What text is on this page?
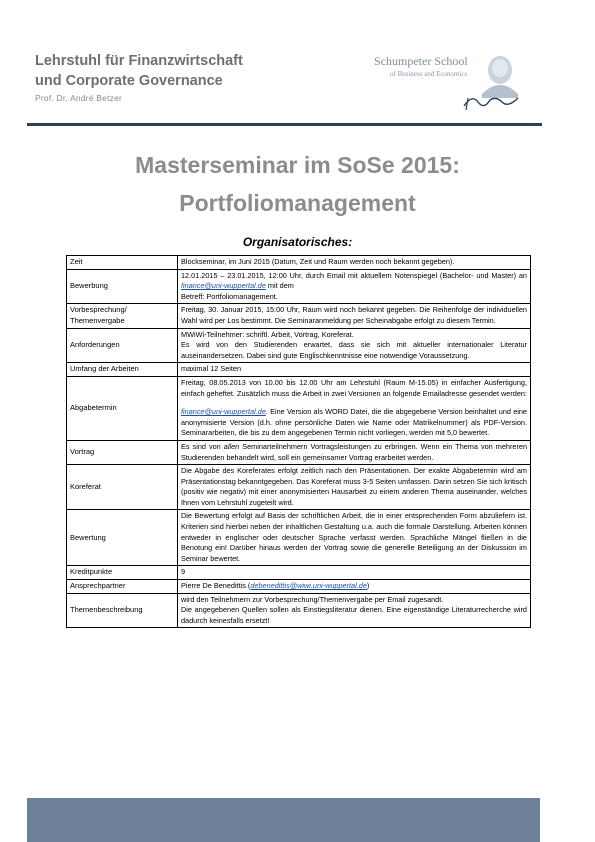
Lehrstuhl für Finanzwirtschaft
und Corporate Governance
Prof. Dr. André Betzer
Schumpeter School
of Business and Economics
Masterseminar im SoSe 2015:
Portfoliomanagement
Organisatorisches:
Zeit	Blockseminar, im Juni 2015 (Datum, Zeit und Raum werden noch bekannt gegeben).
Bewerbung	12.01.2015 – 23.01.2015, 12:00 Uhr, durch Email mit aktuellem Notenspiegel (Bachelor- und Master) an finance@uni-wuppertal.de mit dem
Betreff: Portfoliomanagement.
Vorbesprechung/ Themenvergabe	Freitag, 30. Januar 2015, 15:00 Uhr, Raum wird noch bekannt gegeben. Die Reihenfolge der individuellen Wahl wird per Los bestimmt. Die Seminaranmeldung per Scheinabgabe erfolgt zu diesem Termin.
Anforderungen	MWiWi-Teilnehmer: schriftl. Arbeit, Vortrag, Koreferat.
Es wird von den Studierenden erwartet, dass sie sich mit aktueller internationaler Literatur auseinandersetzen. Dabei sind gute Englischkenntnisse eine notwendige Voraussetzung.
Umfang der Arbeiten	maximal 12 Seiten
Abgabetermin	Freitag, 08.05.2013 von 10.00 bis 12.00 Uhr am Lehrstuhl (Raum M-15.05) in einfacher Ausfertigung, einfach geheftet. Zusätzlich muss die Arbeit in zwei Versionen an folgende Emailadresse gesendet werden:
finance@uni-wuppertal.de. Eine Version als WORD Datei, die die abgegebene Version beinhaltet und eine anonymisierte Version (d.h. ohne persönliche Daten wie Name oder Matrikelnummer) als PDF-Version. Seminararbeiten, die bis zu dem angegebenen Termin nicht vorliegen, werden mit 5,0 bewertet.
Vortrag	Es sind von allen Seminarteilnehmern Vortragsleistungen zu erbringen. Wenn ein Thema von mehreren Studierenden behandelt wird, soll ein gemeinsamer Vortrag erarbeitet werden.
Koreferat	Die Abgabe des Koreferates erfolgt zeitlich nach den Präsentationen. Der exakte Abgabetermin wird am Präsentationstag bekanntgegeben. Das Koreferat muss 3-5 Seiten umfassen. Darin setzen Sie sich kritisch (positiv wie negativ) mit einer anonymisierten Hausarbeit zu einem anderen Thema auseinander, welches Ihnen vom Lehrstuhl zugeteilt wird.
Bewertung	Die Bewertung erfolgt auf Basis der schriftlichen Arbeit, die in einer entsprechenden Form abzuliefern ist. Kriterien sind hierbei neben der inhaltlichen Gestaltung u.a. auch die formale Darstellung. Arbeiten können entweder in englischer oder deutscher Sprache verfasst werden. Sprachliche Mängel fließen in die Benotung ein! Darüber hinaus werden der Vortrag sowie die generelle Beteiligung an der Diskussion im Seminar bewertet.
Kreditpunkte	9
Ansprechpartner	Pierre De Benedittis (debenedittis@wiwi.uni-wuppertal.de)
Themenbeschreibung	wird den Teilnehmern zur Vorbesprechung/Themenvergabe per Email zugesandt.
Die angegebenen Quellen sollen als Einstiegsliteratur dienen. Eine eigenständige Literaturrecherche wird dadurch keinesfalls ersetzt!
